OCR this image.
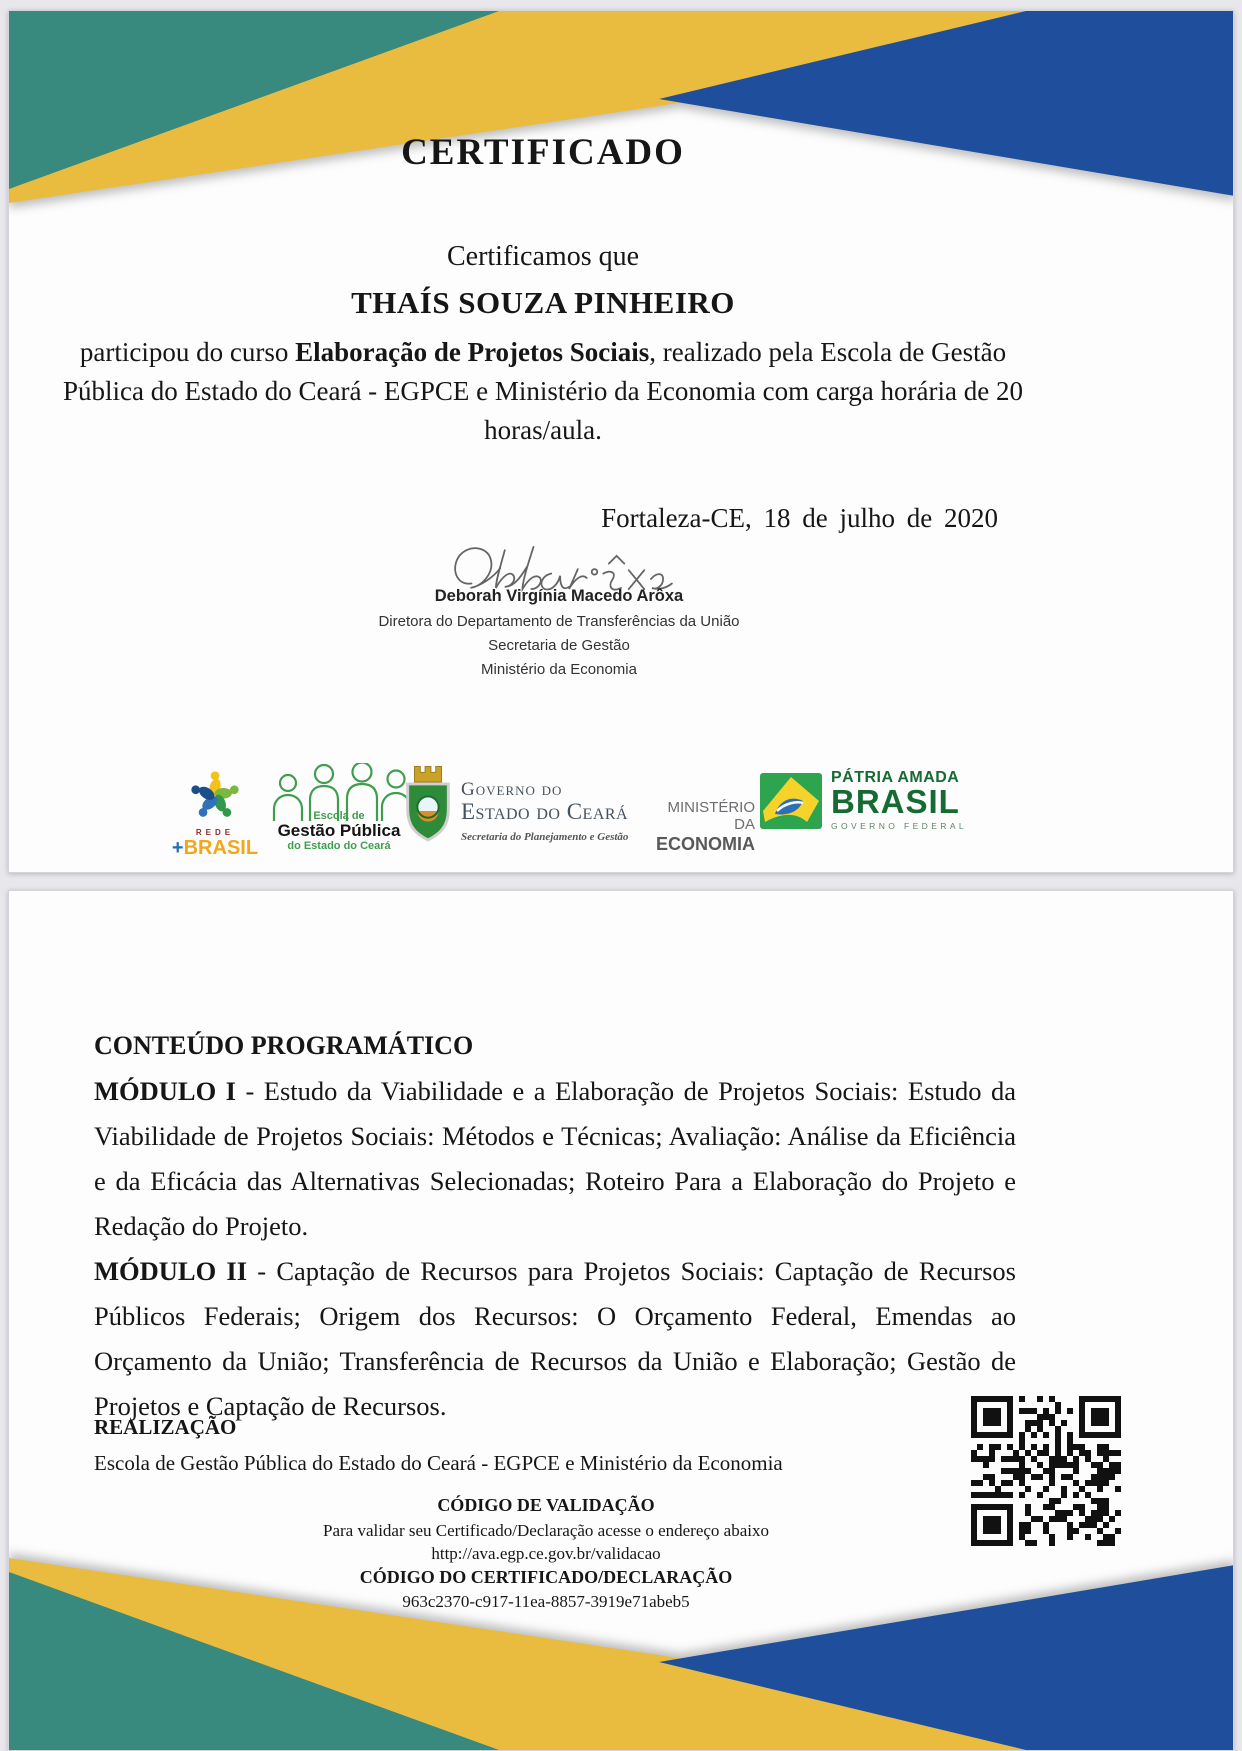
CERTIFICADO

Certificamos que

THAÍS SOUZA PINHEIRO

participou do curso Elaboração de Projetos Sociais, realizado pela Escola de Gestão Pública do Estado do Ceará - EGPCE e Ministério da Economia com carga horária de 20 horas/aula.

Fortaleza-CE, 18 de julho de 2020

Deborah Virgínia Macedo Arôxa
Diretora do Departamento de Transferências da União
Secretaria de Gestão
Ministério da Economia
REDE
+BRASIL
Escola de
Gestão Pública
do Estado do Ceará
Governo do
Estado do Ceará
Secretaria do Planejamento e Gestão
MINISTÉRIO DA
ECONOMIA
PÁTRIA AMADA
BRASIL
GOVERNO FEDERAL
CONTEÚDO PROGRAMÁTICO

MÓDULO I - Estudo da Viabilidade e a Elaboração de Projetos Sociais: Estudo da Viabilidade de Projetos Sociais: Métodos e Técnicas; Avaliação: Análise da Eficiência e da Eficácia das Alternativas Selecionadas; Roteiro Para a Elaboração do Projeto e Redação do Projeto.

MÓDULO II - Captação de Recursos para Projetos Sociais: Captação de Recursos Públicos Federais; Origem dos Recursos: O Orçamento Federal, Emendas ao Orçamento da União; Transferência de Recursos da União e Elaboração; Gestão de Projetos e Captação de Recursos.

REALIZAÇÃO

Escola de Gestão Pública do Estado do Ceará - EGPCE e Ministério da Economia

CÓDIGO DE VALIDAÇÃO
Para validar seu Certificado/Declaração acesse o endereço abaixo
http://ava.egp.ce.gov.br/validacao
CÓDIGO DO CERTIFICADO/DECLARAÇÃO
963c2370-c917-11ea-8857-3919e71abeb5
